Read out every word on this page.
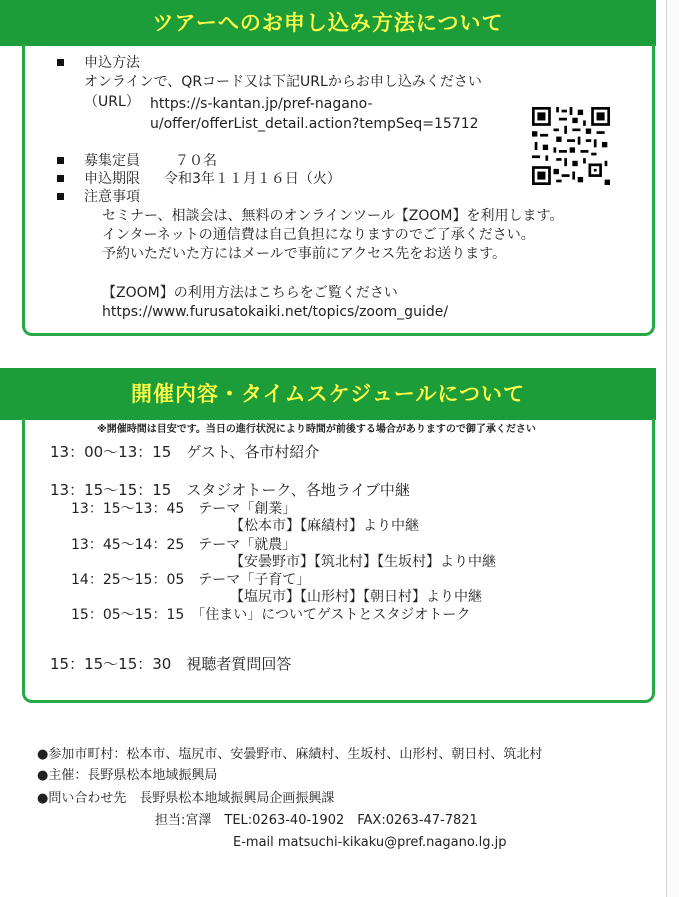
ツアーへのお申し込み方法について
申込方法
オンラインで、QRコード又は下記URLからお申し込みください
（URL） https://s-kantan.jp/pref-nagano-
u/offer/offerList_detail.action?tempSeq=15712
募集定員	７０名
申込期限 令和3年１１月１６日（火）
注意事項
セミナー、相談会は、無料のオンラインツール【ZOOM】を利用します。
インターネットの通信費は自己負担になりますのでご了承ください。
予約いただいた方にはメールで事前にアクセス先をお送ります。
【ZOOM】の利用方法はこちらをご覧ください
https://www.furusatokaiki.net/topics/zoom_guide/
開催内容・タイムスケジュールについて
※開催時間は目安です。当日の進行状況により時間が前後する場合がありますので御了承ください
13：00～13：15　ゲスト、各市村紹介
13：15～15：15　スタジオトーク、各地ライブ中継
13：15～13：45　テーマ「創業」
【松本市】【麻績村】より中継
13：45～14：25　テーマ「就農」
【安曇野市】【筑北村】【生坂村】より中継
14：25～15：05　テーマ「子育て」
【塩尻市】【山形村】【朝日村】より中継
15：05～15：15　「住まい」についてゲストとスタジオトーク
15：15～15：30　視聴者質問回答
●参加市町村：松本市、塩尻市、安曇野市、麻績村、生坂村、山形村、朝日村、筑北村
●主催：長野県松本地域振興局
●問い合わせ先　長野県松本地域振興局企画振興課
担当:宮澤　TEL:0263-40-1902　FAX:0263-47-7821
E-mail matsuchi-kikaku@pref.nagano.lg.jp
